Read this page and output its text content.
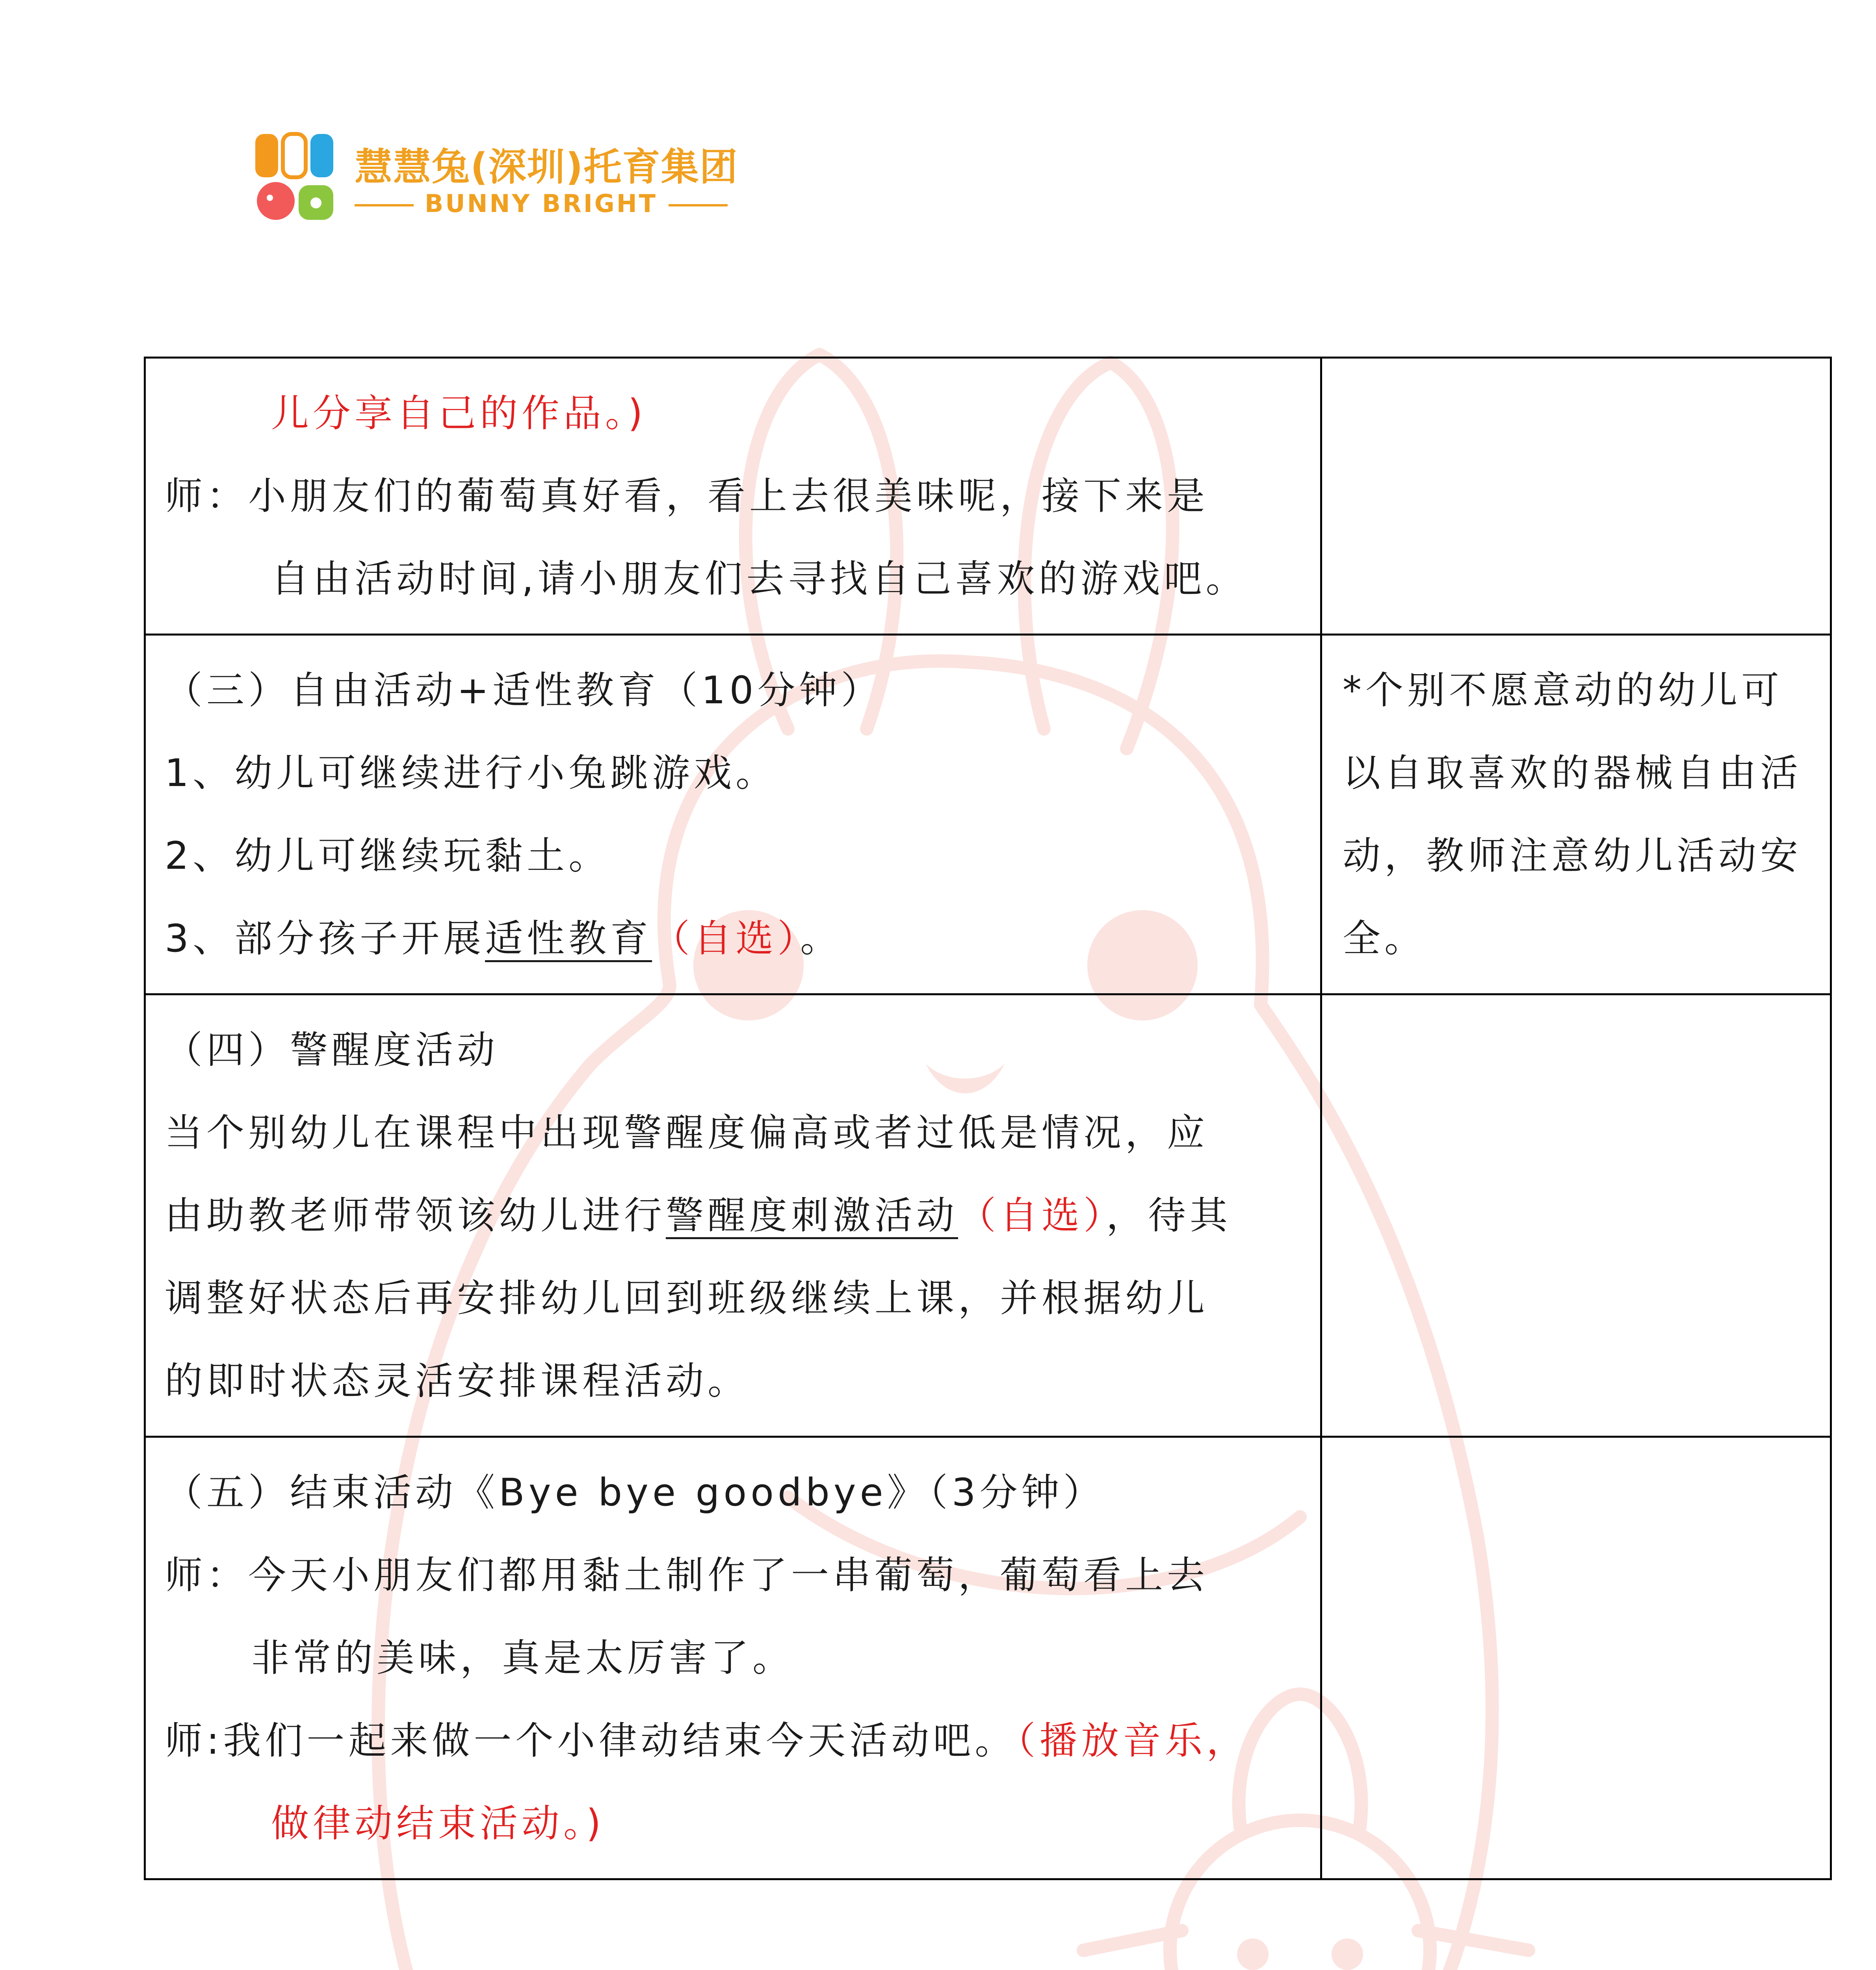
慧慧兔(深圳)托育集团
BUNNY BRIGHT
儿分享自己的作品。)
师：小朋友们的葡萄真好看，看上去很美味呢，接下来是
自由活动时间,请小朋友们去寻找自己喜欢的游戏吧。	

（三）自由活动+适性教育（10分钟）
1、幼儿可继续进行小兔跳游戏。
2、幼儿可继续玩黏土。
3、部分孩子开展适性教育（自选）。	*个别不愿意动的幼儿可以自取喜欢的器械自由活动，教师注意幼儿活动安全。

（四）警醒度活动
当个别幼儿在课程中出现警醒度偏高或者过低是情况，应
由助教老师带领该幼儿进行警醒度刺激活动（自选），待其
调整好状态后再安排幼儿回到班级继续上课，并根据幼儿
的即时状态灵活安排课程活动。	

（五）结束活动《Bye bye goodbye》（3分钟）
师：今天小朋友们都用黏土制作了一串葡萄，葡萄看上去
非常的美味，真是太厉害了。
师:我们一起来做一个小律动结束今天活动吧。（播放音乐，
做律动结束活动。)	
